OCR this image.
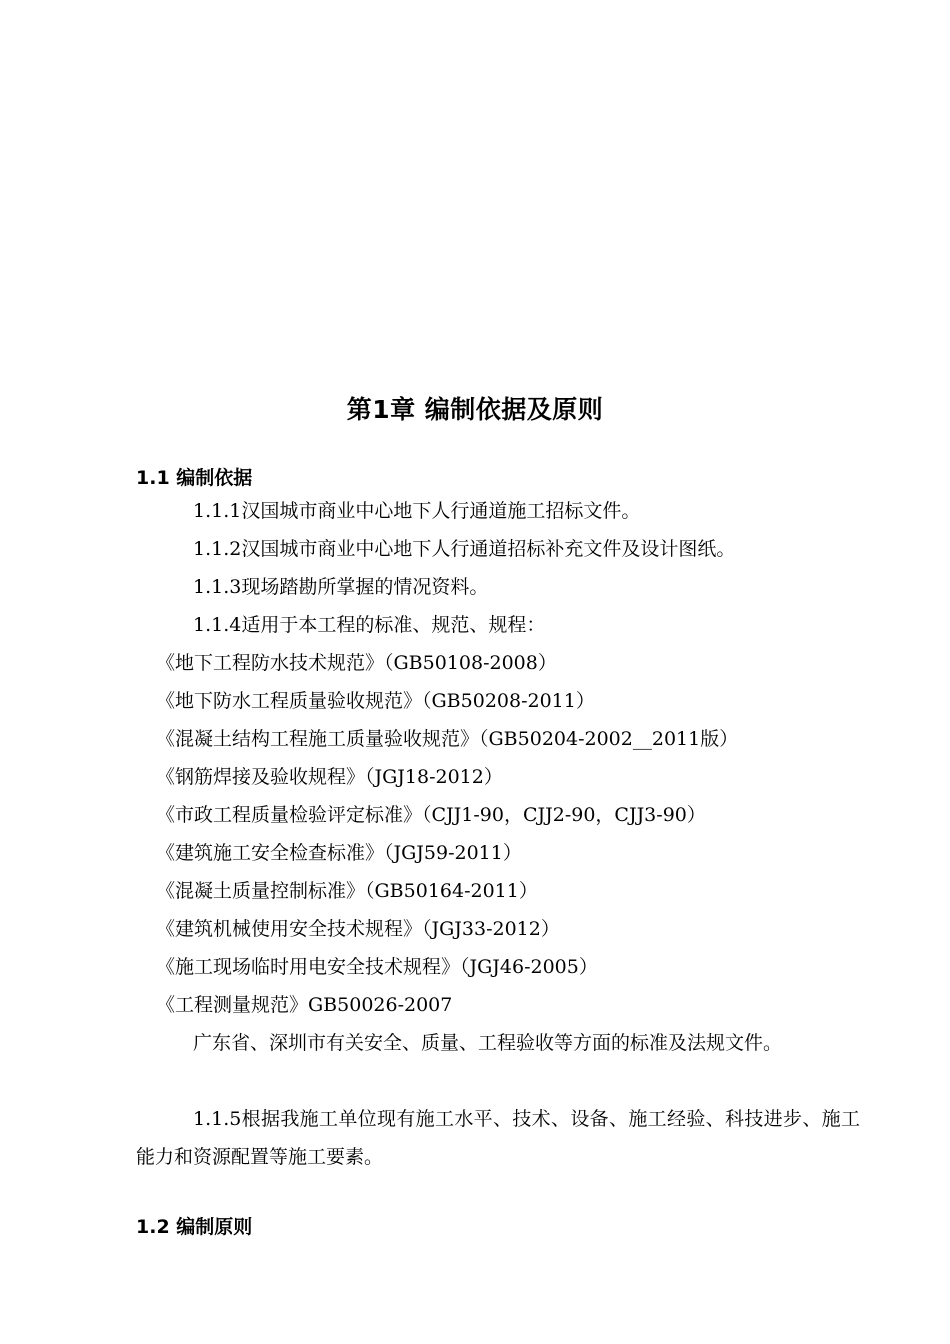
第1章 编制依据及原则
1.1 编制依据
1.1.1汉国城市商业中心地下人行通道施工招标文件。
1.1.2汉国城市商业中心地下人行通道招标补充文件及设计图纸。
1.1.3现场踏勘所掌握的情况资料。
1.1.4适用于本工程的标准、规范、规程：
《地下工程防水技术规范》（GB50108-2008）
《地下防水工程质量验收规范》（GB50208-2011）
《混凝土结构工程施工质量验收规范》（GB50204-2002__2011版）
《钢筋焊接及验收规程》（JGJ18-2012）
《市政工程质量检验评定标准》（CJJ1-90，CJJ2-90，CJJ3-90）
《建筑施工安全检查标准》（JGJ59-2011）
《混凝土质量控制标准》（GB50164-2011）
《建筑机械使用安全技术规程》（JGJ33-2012）
《施工现场临时用电安全技术规程》（JGJ46-2005）
《工程测量规范》GB50026-2007
广东省、深圳市有关安全、质量、工程验收等方面的标准及法规文件。
1.1.5根据我施工单位现有施工水平、技术、设备、施工经验、科技进步、施工能力和资源配置等施工要素。
1.2 编制原则
